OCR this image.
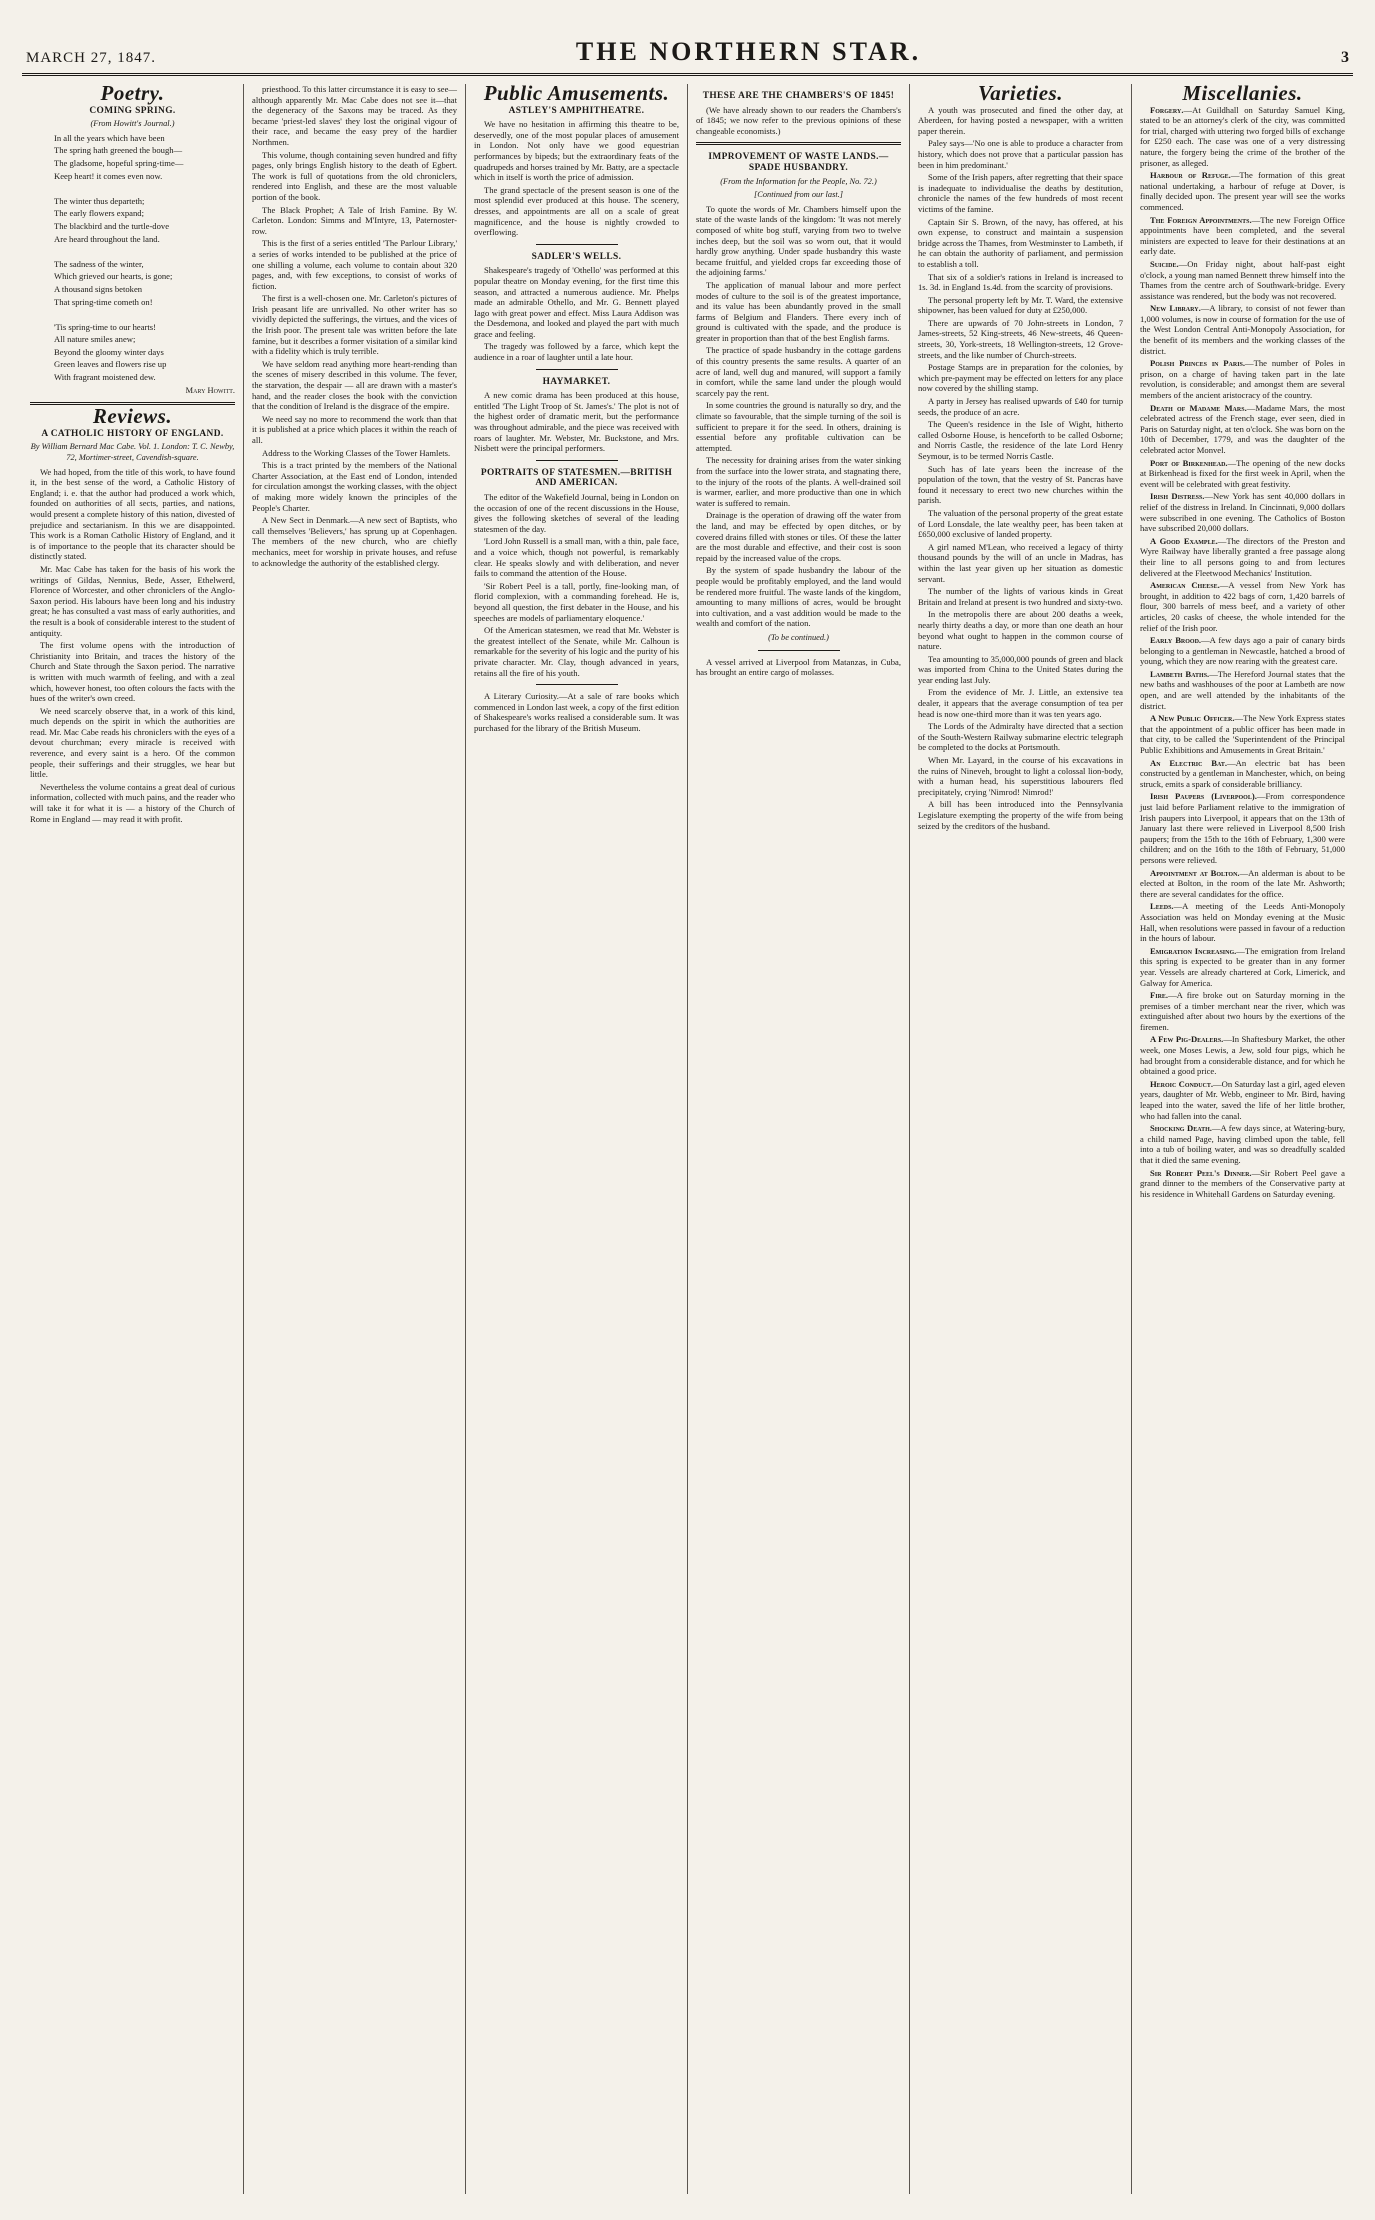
MARCH 27, 1847.	THE NORTHERN STAR.	3
Poetry.
COMING SPRING.
(From Howitt's Journal.)

In all the years which have been

The spring hath greened the bough—

The gladsome, hopeful spring-time—

Keep heart! it comes even now.

The winter thus departeth;

The early flowers expand;

The blackbird and the turtle-dove

Are heard throughout the land.

The sadness of the winter,

Which grieved our hearts, is gone;

A thousand signs betoken

That spring-time cometh on!

'Tis spring-time to our hearts!

All nature smiles anew;

Beyond the gloomy winter days

Green leaves and flowers rise up

With fragrant moistened dew.

Mary Howitt.
Reviews.
A CATHOLIC HISTORY OF ENGLAND.
By William Bernard Mac Cabe. Vol. 1. London: T. C. Newby, 72, Mortimer-street, Cavendish-square.

We had hoped, from the title of this work, to have found it, in the best sense of the word, a Catholic History of England; i. e. that the author had produced a work which, founded on authorities of all sects, parties, and nations, would present a complete history of this nation, divested of prejudice and sectarianism. In this we are disappointed. This work is a Roman Catholic History of England, and it is of importance to the people that its character should be distinctly stated.

Mr. Mac Cabe has taken for the basis of his work the writings of Gildas, Nennius, Bede, Asser, Ethelwerd, Florence of Worcester, and other chroniclers of the Anglo-Saxon period. His labours have been long and his industry great; he has consulted a vast mass of early authorities, and the result is a book of considerable interest to the student of antiquity.

The first volume opens with the introduction of Christianity into Britain, and traces the history of the Church and State through the Saxon period. The narrative is written with much warmth of feeling, and with a zeal which, however honest, too often colours the facts with the hues of the writer's own creed.

We need scarcely observe that, in a work of this kind, much depends on the spirit in which the authorities are read. Mr. Mac Cabe reads his chroniclers with the eyes of a devout churchman; every miracle is received with reverence, and every saint is a hero. Of the common people, their sufferings and their struggles, we hear but little.

Nevertheless the volume contains a great deal of curious information, collected with much pains, and the reader who will take it for what it is — a history of the Church of Rome in England — may read it with profit.

priesthood. To this latter circumstance it is easy to see—although apparently Mr. Mac Cabe does not see it—that the degeneracy of the Saxons may be traced. As they became 'priest-led slaves' they lost the original vigour of their race, and became the easy prey of the hardier Northmen.

This volume, though containing seven hundred and fifty pages, only brings English history to the death of Egbert. The work is full of quotations from the old chroniclers, rendered into English, and these are the most valuable portion of the book.

The Black Prophet; A Tale of Irish Famine. By W. Carleton. London: Simms and M'Intyre, 13, Paternoster-row.

This is the first of a series entitled 'The Parlour Library,' a series of works intended to be published at the price of one shilling a volume, each volume to contain about 320 pages, and, with few exceptions, to consist of works of fiction.

The first is a well-chosen one. Mr. Carleton's pictures of Irish peasant life are unrivalled. No other writer has so vividly depicted the sufferings, the virtues, and the vices of the Irish poor. The present tale was written before the late famine, but it describes a former visitation of a similar kind with a fidelity which is truly terrible.

We have seldom read anything more heart-rending than the scenes of misery described in this volume. The fever, the starvation, the despair — all are drawn with a master's hand, and the reader closes the book with the conviction that the condition of Ireland is the disgrace of the empire.

We need say no more to recommend the work than that it is published at a price which places it within the reach of all.

Address to the Working Classes of the Tower Hamlets.

This is a tract printed by the members of the National Charter Association, at the East end of London, intended for circulation amongst the working classes, with the object of making more widely known the principles of the People's Charter.

A New Sect in Denmark.—A new sect of Baptists, who call themselves 'Believers,' has sprung up at Copenhagen. The members of the new church, who are chiefly mechanics, meet for worship in private houses, and refuse to acknowledge the authority of the established clergy.

Public Amusements.
ASTLEY'S AMPHITHEATRE.

We have no hesitation in affirming this theatre to be, deservedly, one of the most popular places of amusement in London. Not only have we good equestrian performances by bipeds; but the extraordinary feats of the quadrupeds and horses trained by Mr. Batty, are a spectacle which in itself is worth the price of admission.

The grand spectacle of the present season is one of the most splendid ever produced at this house. The scenery, dresses, and appointments are all on a scale of great magnificence, and the house is nightly crowded to overflowing.

SADLER'S WELLS.

Shakespeare's tragedy of 'Othello' was performed at this popular theatre on Monday evening, for the first time this season, and attracted a numerous audience. Mr. Phelps made an admirable Othello, and Mr. G. Bennett played Iago with great power and effect. Miss Laura Addison was the Desdemona, and looked and played the part with much grace and feeling.

The tragedy was followed by a farce, which kept the audience in a roar of laughter until a late hour.

HAYMARKET.

A new comic drama has been produced at this house, entitled 'The Light Troop of St. James's.' The plot is not of the highest order of dramatic merit, but the performance was throughout admirable, and the piece was received with roars of laughter. Mr. Webster, Mr. Buckstone, and Mrs. Nisbett were the principal performers.

PORTRAITS OF STATESMEN.—BRITISH AND AMERICAN.

The editor of the Wakefield Journal, being in London on the occasion of one of the recent discussions in the House, gives the following sketches of several of the leading statesmen of the day.

'Lord John Russell is a small man, with a thin, pale face, and a voice which, though not powerful, is remarkably clear. He speaks slowly and with deliberation, and never fails to command the attention of the House.

'Sir Robert Peel is a tall, portly, fine-looking man, of florid complexion, with a commanding forehead. He is, beyond all question, the first debater in the House, and his speeches are models of parliamentary eloquence.'

Of the American statesmen, we read that Mr. Webster is the greatest intellect of the Senate, while Mr. Calhoun is remarkable for the severity of his logic and the purity of his private character. Mr. Clay, though advanced in years, retains all the fire of his youth.

A Literary Curiosity.—At a sale of rare books which commenced in London last week, a copy of the first edition of Shakespeare's works realised a considerable sum. It was purchased for the library of the British Museum.

THESE ARE THE CHAMBERS'S OF 1845!

(We have already shown to our readers the Chambers's of 1845; we now refer to the previous opinions of these changeable economists.)

IMPROVEMENT OF WASTE LANDS.—SPADE HUSBANDRY.
(From the Information for the People, No. 72.)
[Continued from our last.]

To quote the words of Mr. Chambers himself upon the state of the waste lands of the kingdom: 'It was not merely composed of white bog stuff, varying from two to twelve inches deep, but the soil was so worn out, that it would hardly grow anything. Under spade husbandry this waste became fruitful, and yielded crops far exceeding those of the adjoining farms.'

The application of manual labour and more perfect modes of culture to the soil is of the greatest importance, and its value has been abundantly proved in the small farms of Belgium and Flanders. There every inch of ground is cultivated with the spade, and the produce is greater in proportion than that of the best English farms.

The practice of spade husbandry in the cottage gardens of this country presents the same results. A quarter of an acre of land, well dug and manured, will support a family in comfort, while the same land under the plough would scarcely pay the rent.

In some countries the ground is naturally so dry, and the climate so favourable, that the simple turning of the soil is sufficient to prepare it for the seed. In others, draining is essential before any profitable cultivation can be attempted.

The necessity for draining arises from the water sinking from the surface into the lower strata, and stagnating there, to the injury of the roots of the plants. A well-drained soil is warmer, earlier, and more productive than one in which water is suffered to remain.

Drainage is the operation of drawing off the water from the land, and may be effected by open ditches, or by covered drains filled with stones or tiles. Of these the latter are the most durable and effective, and their cost is soon repaid by the increased value of the crops.

By the system of spade husbandry the labour of the people would be profitably employed, and the land would be rendered more fruitful. The waste lands of the kingdom, amounting to many millions of acres, would be brought into cultivation, and a vast addition would be made to the wealth and comfort of the nation.

(To be continued.)

A vessel arrived at Liverpool from Matanzas, in Cuba, has brought an entire cargo of molasses.

Varieties.

A youth was prosecuted and fined the other day, at Aberdeen, for having posted a newspaper, with a written paper therein.

Paley says—'No one is able to produce a character from history, which does not prove that a particular passion has been in him predominant.'

Some of the Irish papers, after regretting that their space is inadequate to individualise the deaths by destitution, chronicle the names of the few hundreds of most recent victims of the famine.

Captain Sir S. Brown, of the navy, has offered, at his own expense, to construct and maintain a suspension bridge across the Thames, from Westminster to Lambeth, if he can obtain the authority of parliament, and permission to establish a toll.

That six of a soldier's rations in Ireland is increased to 1s. 3d. in England 1s.4d. from the scarcity of provisions.

The personal property left by Mr. T. Ward, the extensive shipowner, has been valued for duty at £250,000.

There are upwards of 70 John-streets in London, 7 James-streets, 52 King-streets, 46 New-streets, 46 Queen-streets, 30, York-streets, 18 Wellington-streets, 12 Grove-streets, and the like number of Church-streets.

Postage Stamps are in preparation for the colonies, by which pre-payment may be effected on letters for any place now covered by the shilling stamp.

A party in Jersey has realised upwards of £40 for turnip seeds, the produce of an acre.

The Queen's residence in the Isle of Wight, hitherto called Osborne House, is henceforth to be called Osborne; and Norris Castle, the residence of the late Lord Henry Seymour, is to be termed Norris Castle.

Such has of late years been the increase of the population of the town, that the vestry of St. Pancras have found it necessary to erect two new churches within the parish.

The valuation of the personal property of the great estate of Lord Lonsdale, the late wealthy peer, has been taken at £650,000 exclusive of landed property.

A girl named M'Lean, who received a legacy of thirty thousand pounds by the will of an uncle in Madras, has within the last year given up her situation as domestic servant.

The number of the lights of various kinds in Great Britain and Ireland at present is two hundred and sixty-two.

In the metropolis there are about 200 deaths a week, nearly thirty deaths a day, or more than one death an hour beyond what ought to happen in the common course of nature.

Tea amounting to 35,000,000 pounds of green and black was imported from China to the United States during the year ending last July.

From the evidence of Mr. J. Little, an extensive tea dealer, it appears that the average consumption of tea per head is now one-third more than it was ten years ago.

The Lords of the Admiralty have directed that a section of the South-Western Railway submarine electric telegraph be completed to the docks at Portsmouth.

When Mr. Layard, in the course of his excavations in the ruins of Nineveh, brought to light a colossal lion-body, with a human head, his superstitious labourers fled precipitately, crying 'Nimrod! Nimrod!'

A bill has been introduced into the Pennsylvania Legislature exempting the property of the wife from being seized by the creditors of the husband.

Miscellanies.

Forgery.—At Guildhall on Saturday Samuel King, stated to be an attorney's clerk of the city, was committed for trial, charged with uttering two forged bills of exchange for £250 each. The case was one of a very distressing nature, the forgery being the crime of the brother of the prisoner, as alleged.

Harbour of Refuge.—The formation of this great national undertaking, a harbour of refuge at Dover, is finally decided upon. The present year will see the works commenced.

The Foreign Appointments.—The new Foreign Office appointments have been completed, and the several ministers are expected to leave for their destinations at an early date.

Suicide.—On Friday night, about half-past eight o'clock, a young man named Bennett threw himself into the Thames from the centre arch of Southwark-bridge. Every assistance was rendered, but the body was not recovered.

New Library.—A library, to consist of not fewer than 1,000 volumes, is now in course of formation for the use of the West London Central Anti-Monopoly Association, for the benefit of its members and the working classes of the district.

Polish Princes in Paris.—The number of Poles in prison, on a charge of having taken part in the late revolution, is considerable; and amongst them are several members of the ancient aristocracy of the country.

Death of Madame Mars.—Madame Mars, the most celebrated actress of the French stage, ever seen, died in Paris on Saturday night, at ten o'clock. She was born on the 10th of December, 1779, and was the daughter of the celebrated actor Monvel.

Port of Birkenhead.—The opening of the new docks at Birkenhead is fixed for the first week in April, when the event will be celebrated with great festivity.

Irish Distress.—New York has sent 40,000 dollars in relief of the distress in Ireland. In Cincinnati, 9,000 dollars were subscribed in one evening. The Catholics of Boston have subscribed 20,000 dollars.

A Good Example.—The directors of the Preston and Wyre Railway have liberally granted a free passage along their line to all persons going to and from lectures delivered at the Fleetwood Mechanics' Institution.

American Cheese.—A vessel from New York has brought, in addition to 422 bags of corn, 1,420 barrels of flour, 300 barrels of mess beef, and a variety of other articles, 20 casks of cheese, the whole intended for the relief of the Irish poor.

Early Brood.—A few days ago a pair of canary birds belonging to a gentleman in Newcastle, hatched a brood of young, which they are now rearing with the greatest care.

Lambeth Baths.—The Hereford Journal states that the new baths and washhouses of the poor at Lambeth are now open, and are well attended by the inhabitants of the district.

A New Public Officer.—The New York Express states that the appointment of a public officer has been made in that city, to be called the 'Superintendent of the Principal Public Exhibitions and Amusements in Great Britain.'

An Electric Bat.—An electric bat has been constructed by a gentleman in Manchester, which, on being struck, emits a spark of considerable brilliancy.

Irish Paupers (Liverpool).—From correspondence just laid before Parliament relative to the immigration of Irish paupers into Liverpool, it appears that on the 13th of January last there were relieved in Liverpool 8,500 Irish paupers; from the 15th to the 16th of February, 1,300 were children; and on the 16th to the 18th of February, 51,000 persons were relieved.

Appointment at Bolton.—An alderman is about to be elected at Bolton, in the room of the late Mr. Ashworth; there are several candidates for the office.

Leeds.—A meeting of the Leeds Anti-Monopoly Association was held on Monday evening at the Music Hall, when resolutions were passed in favour of a reduction in the hours of labour.

Emigration Increasing.—The emigration from Ireland this spring is expected to be greater than in any former year. Vessels are already chartered at Cork, Limerick, and Galway for America.

Fire.—A fire broke out on Saturday morning in the premises of a timber merchant near the river, which was extinguished after about two hours by the exertions of the firemen.

A Few Pig-Dealers.—In Shaftesbury Market, the other week, one Moses Lewis, a Jew, sold four pigs, which he had brought from a considerable distance, and for which he obtained a good price.

Heroic Conduct.—On Saturday last a girl, aged eleven years, daughter of Mr. Webb, engineer to Mr. Bird, having leaped into the water, saved the life of her little brother, who had fallen into the canal.

Shocking Death.—A few days since, at Watering-bury, a child named Page, having climbed upon the table, fell into a tub of boiling water, and was so dreadfully scalded that it died the same evening.

Sir Robert Peel's Dinner.—Sir Robert Peel gave a grand dinner to the members of the Conservative party at his residence in Whitehall Gardens on Saturday evening.
